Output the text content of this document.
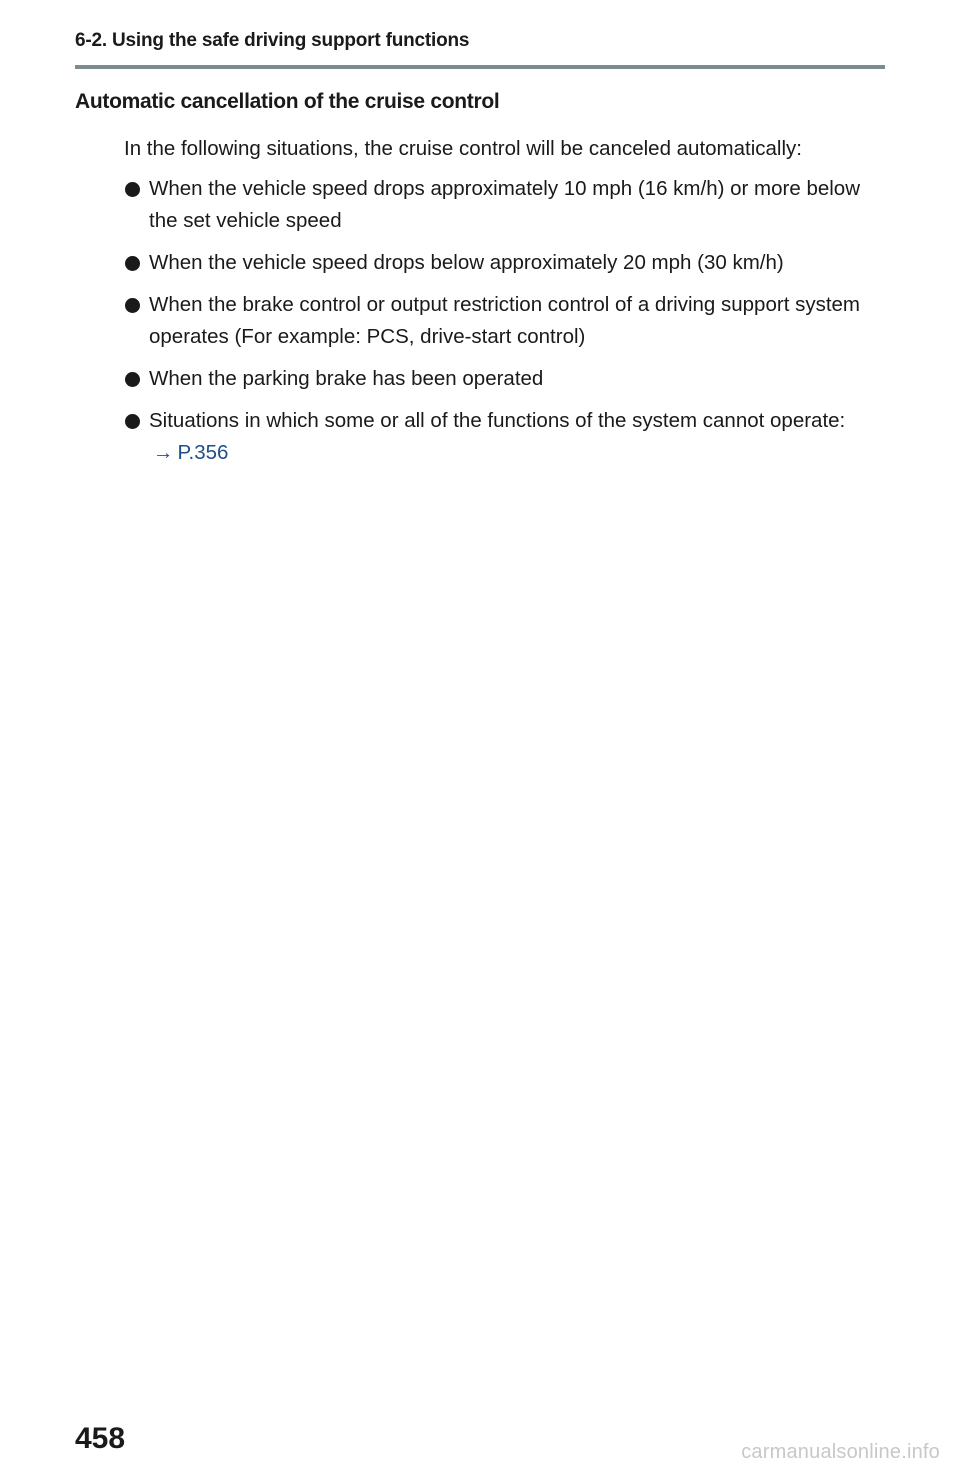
6-2. Using the safe driving support functions
Automatic cancellation of the cruise control

In the following situations, the cruise control will be canceled automatically:

When the vehicle speed drops approximately 10 mph (16 km/h) or more below the set vehicle speed
When the vehicle speed drops below approximately 20 mph (30 km/h)
When the brake control or output restriction control of a driving support system operates (For example: PCS, drive-start control)
When the parking brake has been operated
Situations in which some or all of the functions of the system cannot operate: → P.356
458	carmanualsonline.info
